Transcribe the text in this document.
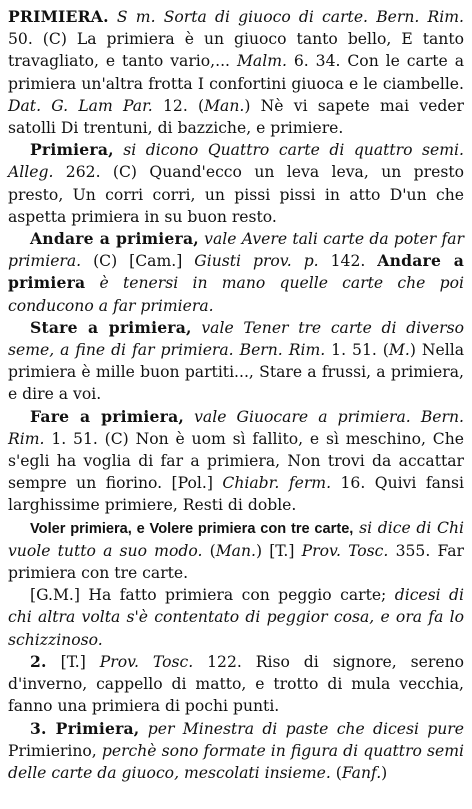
PRIMIERA. S m. Sorta di giuoco di carte. Bern. Rim. 50. (C) La primiera è un giuoco tanto bello, E tanto travagliato, e tanto vario,... Malm. 6. 34. Con le carte a primiera un'altra frotta I confortini giuoca e le ciambelle. Dat. G. Lam Par. 12. (Man.) Nè vi sapete mai veder satolli Di trentuni, di bazziche, e primiere.

Primiera, si dicono Quattro carte di quattro semi. Alleg. 262. (C) Quand'ecco un leva leva, un presto presto, Un corri corri, un pissi pissi in atto D'un che aspetta primiera in su buon resto.

Andare a primiera, vale Avere tali carte da poter far primiera. (C) [Cam.] Giusti prov. p. 142. Andare a primiera è tenersi in mano quelle carte che poi conducono a far primiera.

Stare a primiera, vale Tener tre carte di diverso seme, a fine di far primiera. Bern. Rim. 1. 51. (M.) Nella primiera è mille buon partiti..., Stare a frussi, a primiera, e dire a voi.

Fare a primiera, vale Giuocare a primiera. Bern. Rim. 1. 51. (C) Non è uom sì fallito, e sì meschino, Che s'egli ha voglia di far a primiera, Non trovi da accattar sempre un fiorino. [Pol.] Chiabr. ferm. 16. Quivi fansi larghissime primiere, Resti di doble.

Voler primiera, e Volere primiera con tre carte, si dice di Chi vuole tutto a suo modo. (Man.) [T.] Prov. Tosc. 355. Far primiera con tre carte.

[G.M.] Ha fatto primiera con peggio carte; dicesi di chi altra volta s'è contentato di peggior cosa, e ora fa lo schizzinoso.

2. [T.] Prov. Tosc. 122. Riso di signore, sereno d'inverno, cappello di matto, e trotto di mula vecchia, fanno una primiera di pochi punti.

3. Primiera, per Minestra di paste che dicesi pure Primierino, perchè sono formate in figura di quattro semi delle carte da giuoco, mescolati insieme. (Fanf.)
